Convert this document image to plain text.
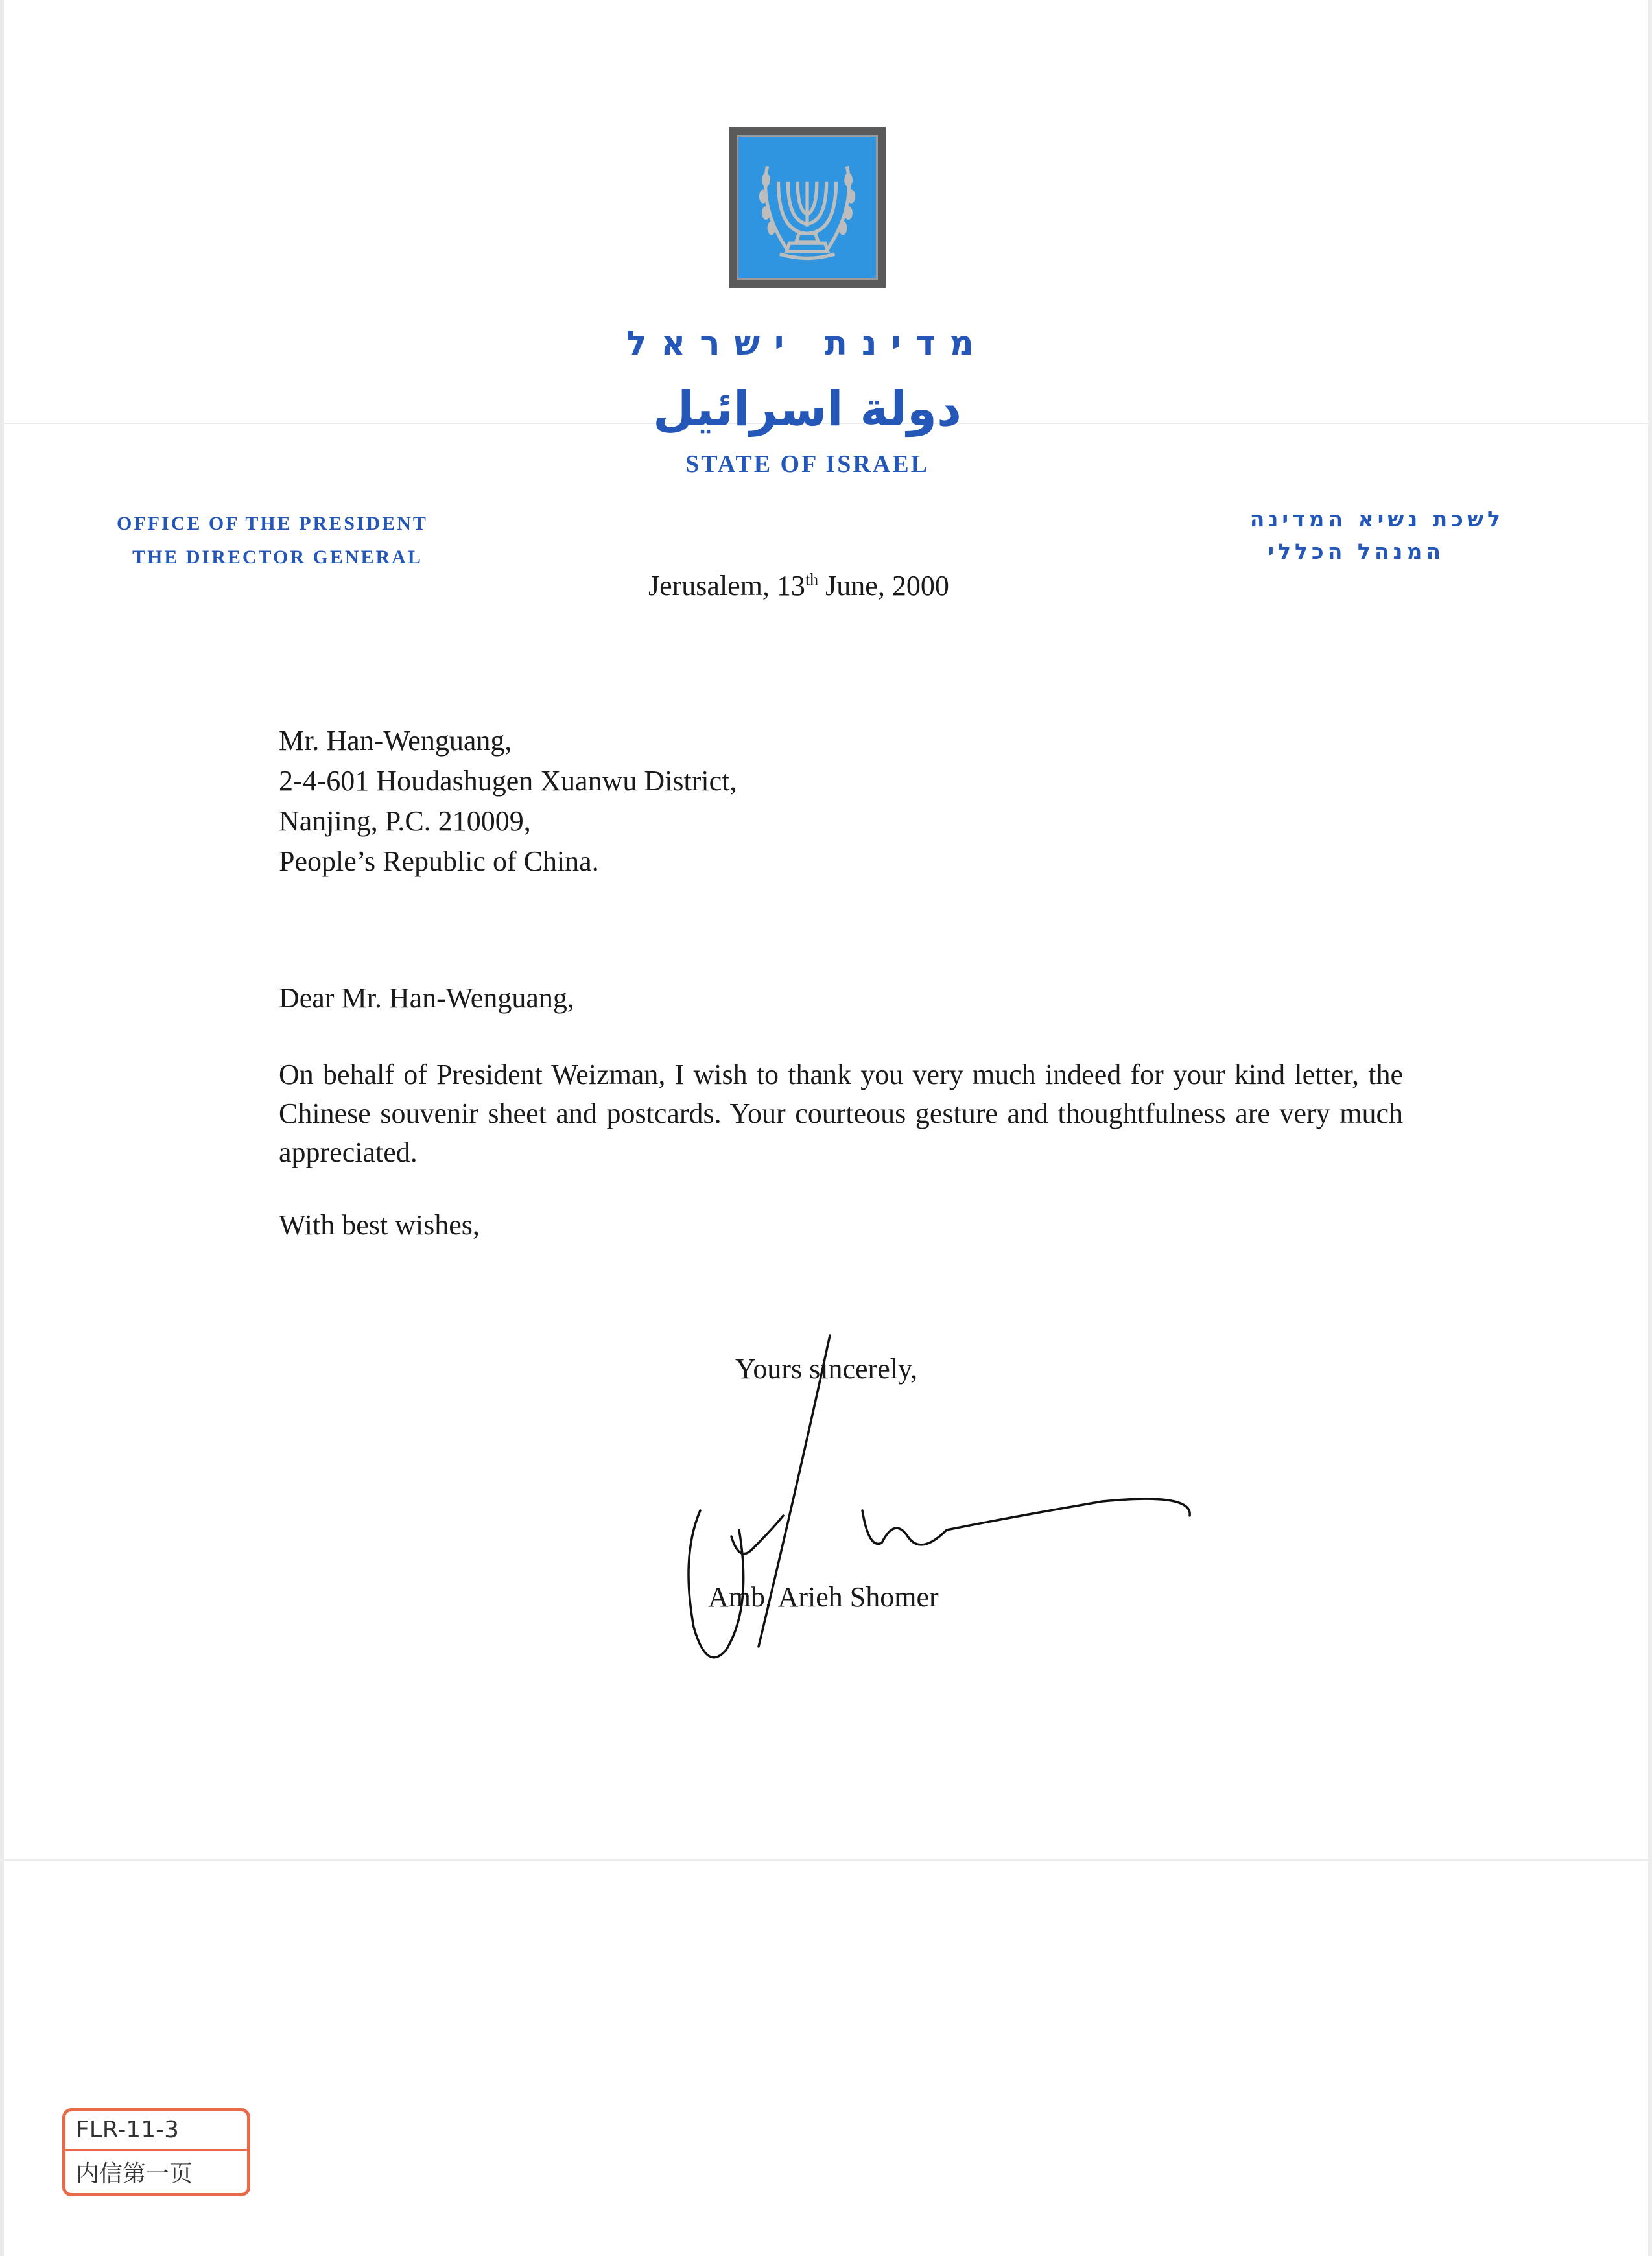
מדינת ישראל
دولة اسرائيل
STATE OF ISRAEL
OFFICE OF THE PRESIDENT
THE DIRECTOR GENERAL
לשכת נשיא המדינה
המנהל הכללי
Jerusalem, 13th June, 2000
Mr. Han-Wenguang,
2-4-601 Houdashugen Xuanwu District,
Nanjing, P.C. 210009,
People’s Republic of China.
Dear Mr. Han-Wenguang,
On behalf of President Weizman, I wish to thank you very much indeed for your kind letter, the Chinese souvenir sheet and postcards. Your courteous gesture and thoughtfulness are very much appreciated.
With best wishes,
Yours sincerely,
Amb. Arieh Shomer
FLR-11-3
内信第一页
